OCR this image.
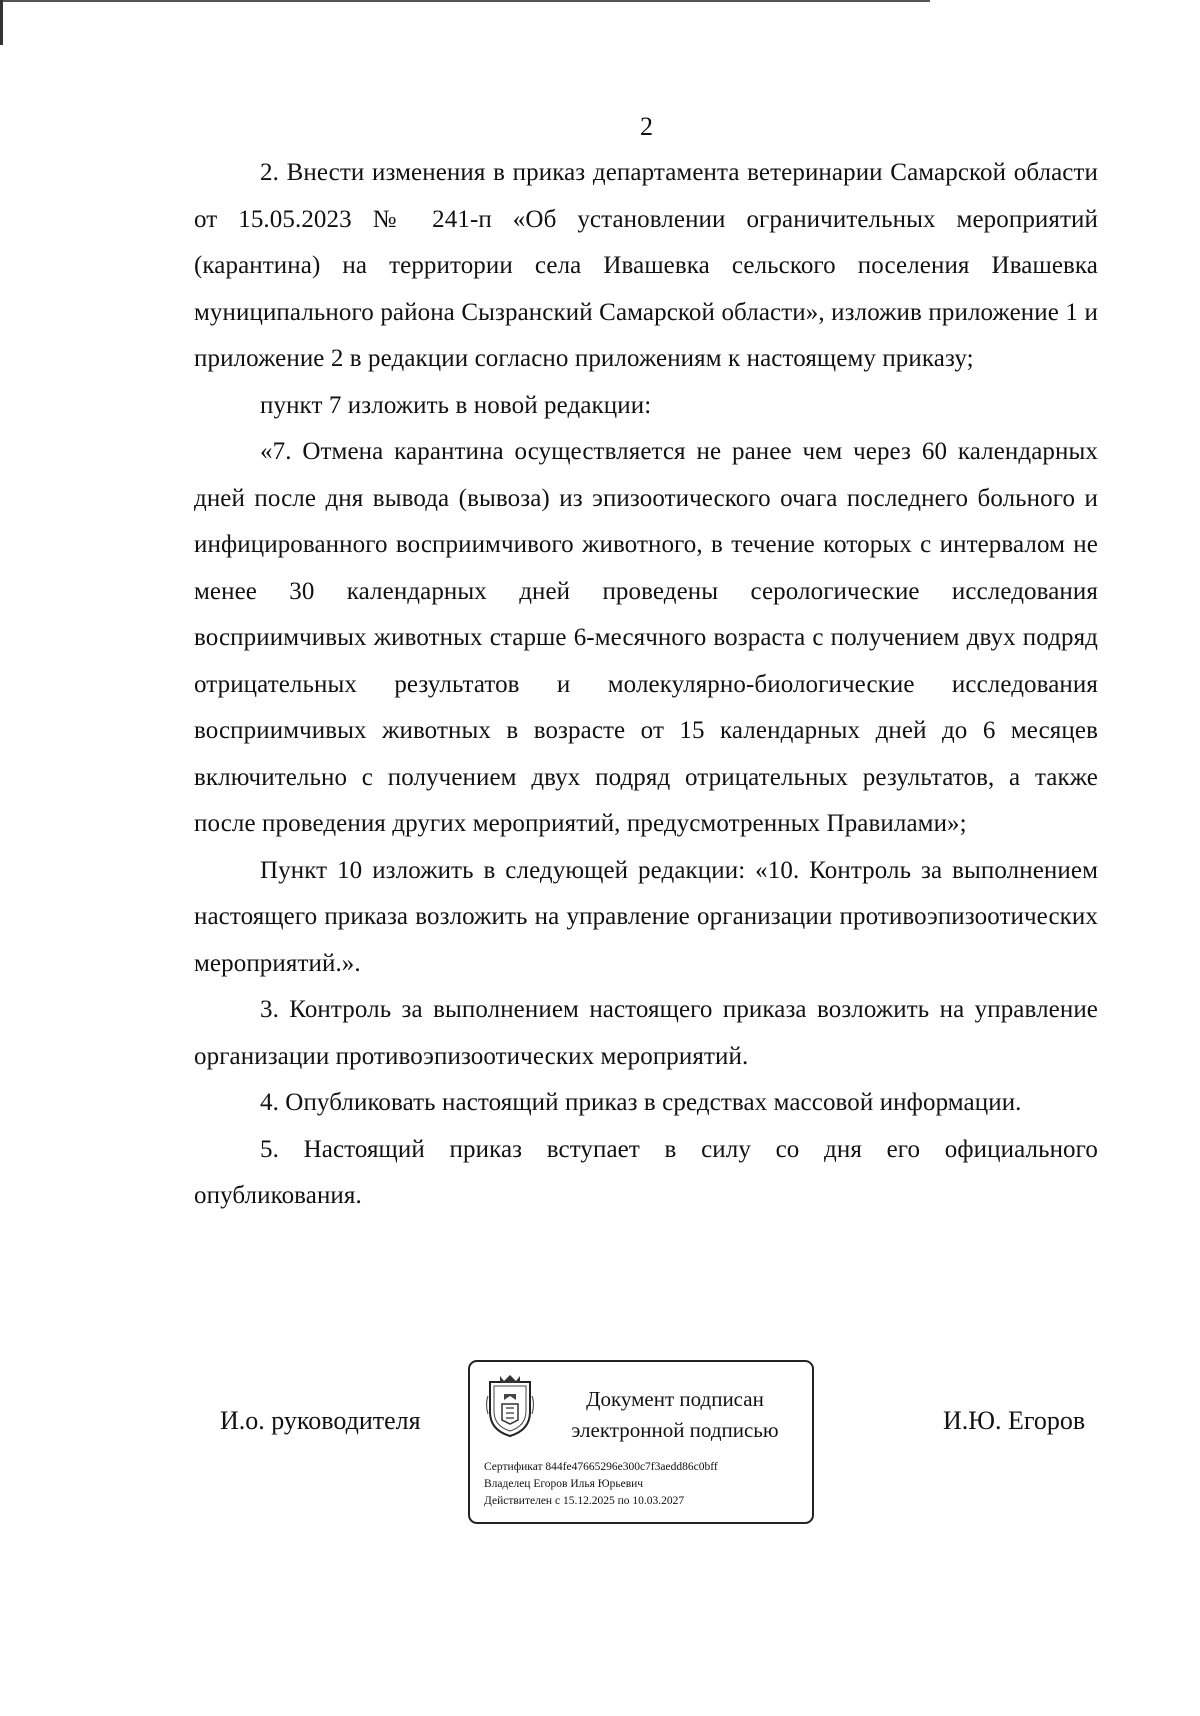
2

2. Внести изменения в приказ департамента ветеринарии Самарской области от 15.05.2023 № 241-п «Об установлении ограничительных мероприятий (карантина) на территории села Ивашевка сельского поселения Ивашевка муниципального района Сызранский Самарской области», изложив приложение 1 и приложение 2 в редакции согласно приложениям к настоящему приказу;

пункт 7 изложить в новой редакции:

«7. Отмена карантина осуществляется не ранее чем через 60 календарных дней после дня вывода (вывоза) из эпизоотического очага последнего больного и инфицированного восприимчивого животного, в течение которых с интервалом не менее 30 календарных дней проведены серологические исследования восприимчивых животных старше 6-месячного возраста с получением двух подряд отрицательных результатов и молекулярно-биологические исследования восприимчивых животных в возрасте от 15 календарных дней до 6 месяцев включительно с получением двух подряд отрицательных результатов, а также после проведения других мероприятий, предусмотренных Правилами»;

Пункт 10 изложить в следующей редакции: «10. Контроль за выполнением настоящего приказа возложить на управление организации противоэпизоотических мероприятий.».

3. Контроль за выполнением настоящего приказа возложить на управление организации противоэпизоотических мероприятий.

4. Опубликовать настоящий приказ в средствах массовой информации.

5. Настоящий приказ вступает в силу со дня его официального опубликования.

И.о. руководителя
Документ подписан
электронной подписью
Сертификат 844fe47665296e300c7f3aedd86c0bff
Владелец Егоров Илья Юрьевич
Действителен с 15.12.2025 по 10.03.2027
И.Ю. Егоров
